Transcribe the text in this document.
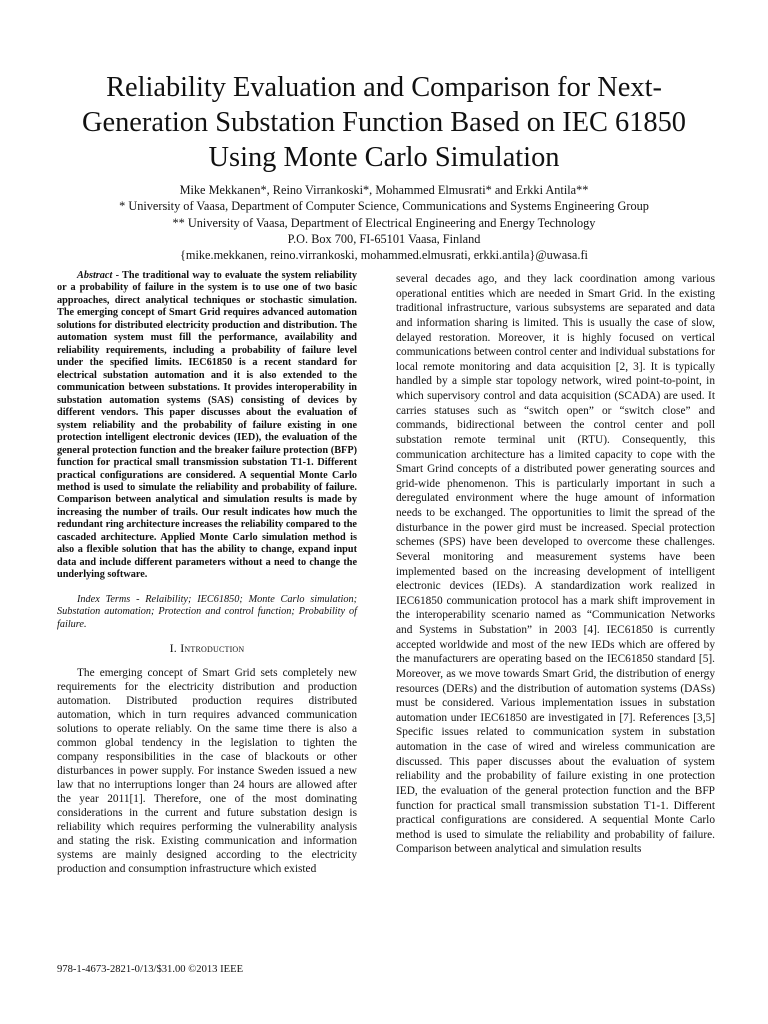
Reliability Evaluation and Comparison for Next-
Generation Substation Function Based on IEC 61850
Using Monte Carlo Simulation
Mike Mekkanen*, Reino Virrankoski*, Mohammed Elmusrati* and Erkki Antila**
* University of Vaasa, Department of Computer Science, Communications and Systems Engineering Group
** University of Vaasa, Department of Electrical Engineering and Energy Technology
P.O. Box 700, FI-65101 Vaasa, Finland
{mike.mekkanen, reino.virrankoski, mohammed.elmusrati, erkki.antila}@uwasa.fi

Abstract - The traditional way to evaluate the system reliability or a probability of failure in the system is to use one of two basic approaches, direct analytical techniques or stochastic simulation. The emerging concept of Smart Grid requires advanced automation solutions for distributed electricity production and distribution. The automation system must fill the performance, availability and reliability requirements, including a probability of failure level under the specified limits. IEC61850 is a recent standard for electrical substation automation and it is also extended to the communication between substations. It provides interoperability in substation automation systems (SAS) consisting of devices by different vendors. This paper discusses about the evaluation of system reliability and the probability of failure existing in one protection intelligent electronic devices (IED), the evaluation of the general protection function and the breaker failure protection (BFP) function for practical small transmission substation T1-1. Different practical configurations are considered. A sequential Monte Carlo method is used to simulate the reliability and probability of failure. Comparison between analytical and simulation results is made by increasing the number of trails. Our result indicates how much the redundant ring architecture increases the reliability compared to the cascaded architecture. Applied Monte Carlo simulation method is also a flexible solution that has the ability to change, expand input data and include different parameters without a need to change the underlying software.

Index Terms - Relaibility; IEC61850; Monte Carlo simulation; Substation automation; Protection and control function; Probability of failure.

I. Introduction

The emerging concept of Smart Grid sets completely new requirements for the electricity distribution and production automation. Distributed production requires distributed automation, which in turn requires advanced communication solutions to operate reliably. On the same time there is also a common global tendency in the legislation to tighten the company responsibilities in the case of blackouts or other disturbances in power supply. For instance Sweden issued a new law that no interruptions longer than 24 hours are allowed after the year 2011[1]. Therefore, one of the most dominating considerations in the current and future substation design is reliability which requires performing the vulnerability analysis and stating the risk. Existing communication and information systems are mainly designed according to the electricity production and consumption infrastructure which existed

several decades ago, and they lack coordination among various operational entities which are needed in Smart Grid. In the existing traditional infrastructure, various subsystems are separated and data and information sharing is limited. This is usually the case of slow, delayed restoration. Moreover, it is highly focused on vertical communications between control center and individual substations for local remote monitoring and data acquisition [2, 3]. It is typically handled by a simple star topology network, wired point-to-point, in which supervisory control and data acquisition (SCADA) are used. It carries statuses such as “switch open” or “switch close” and commands, bidirectional between the control center and poll substation remote terminal unit (RTU). Consequently, this communication architecture has a limited capacity to cope with the Smart Grind concepts of a distributed power generating sources and grid-wide phenomenon. This is particularly important in such a deregulated environment where the huge amount of information needs to be exchanged. The opportunities to limit the spread of the disturbance in the power gird must be increased. Special protection schemes (SPS) have been developed to overcome these challenges. Several monitoring and measurement systems have been implemented based on the increasing development of intelligent electronic devices (IEDs). A standardization work realized in IEC61850 communication protocol has a mark shift improvement in the interoperability scenario named as “Communication Networks and Systems in Substation” in 2003 [4]. IEC61850 is currently accepted worldwide and most of the new IEDs which are offered by the manufacturers are operating based on the IEC61850 standard [5]. Moreover, as we move towards Smart Grid, the distribution of energy resources (DERs) and the distribution of automation systems (DASs) must be considered. Various implementation issues in substation automation under IEC61850 are investigated in [7]. References [3,5] Specific issues related to communication system in substation automation in the case of wired and wireless communication are discussed. This paper discusses about the evaluation of system reliability and the probability of failure existing in one protection IED, the evaluation of the general protection function and the BFP function for practical small transmission substation T1-1. Different practical configurations are considered. A sequential Monte Carlo method is used to simulate the reliability and probability of failure. Comparison between analytical and simulation results

978-1-4673-2821-0/13/$31.00 ©2013 IEEE
